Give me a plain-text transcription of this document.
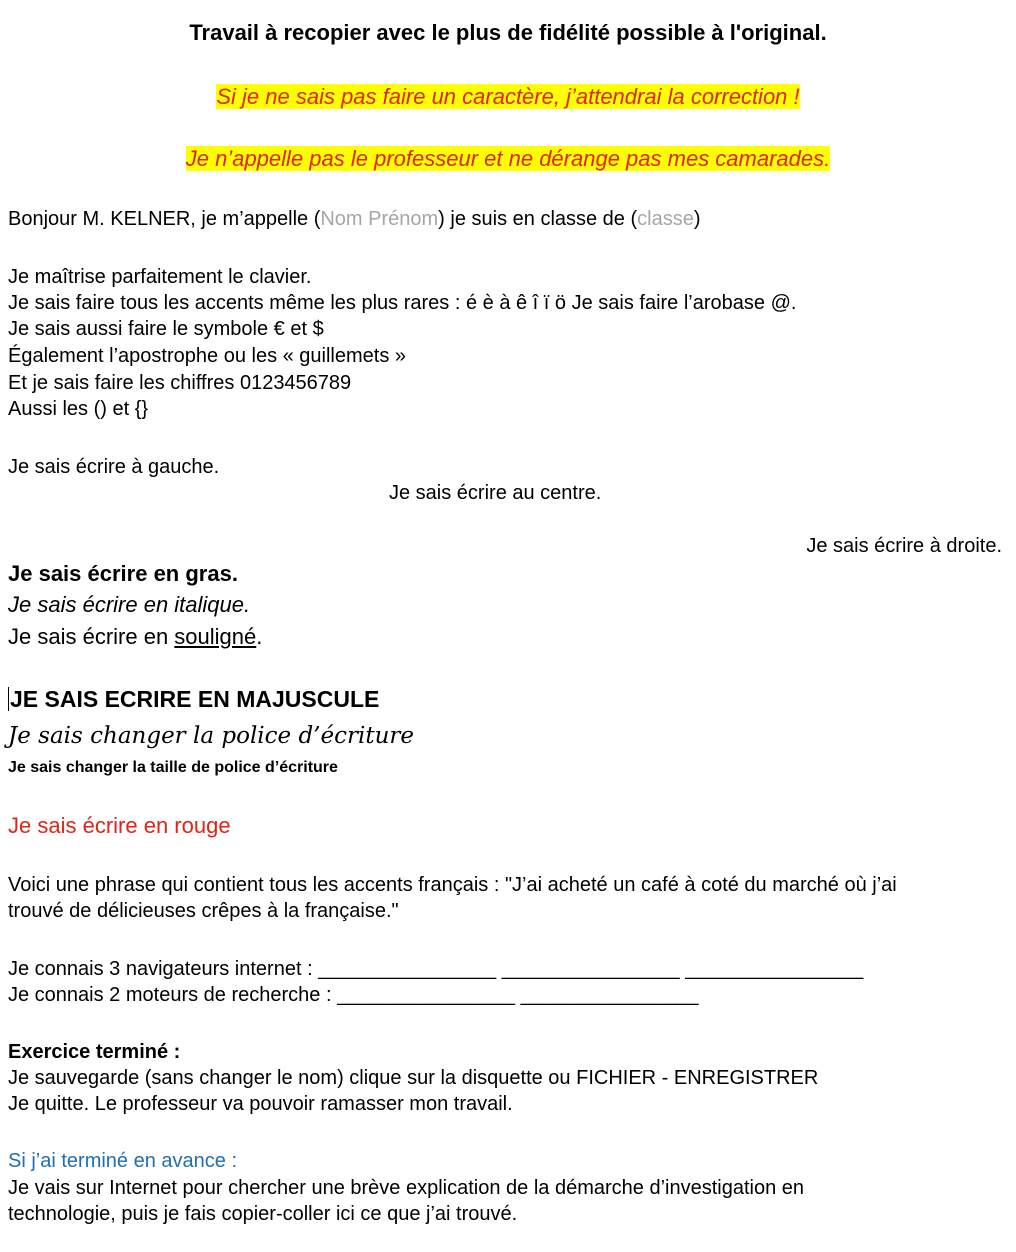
Travail à recopier avec le plus de fidélité possible à l'original.
Si je ne sais pas faire un caractère, j’attendrai la correction !
Je n’appelle pas le professeur et ne dérange pas mes camarades.
Bonjour M. KELNER, je m’appelle (Nom Prénom) je suis en classe de (classe)
Je maîtrise parfaitement le clavier.
Je sais faire tous les accents même les plus rares : é è à ê î ï ö Je sais faire l’arobase @.
Je sais aussi faire le symbole € et $
Également l’apostrophe ou les « guillemets »
Et je sais faire les chiffres 0123456789
Aussi les () et {}
Je sais écrire à gauche.
Je sais écrire au centre.
Je sais écrire à droite.
Je sais écrire en gras.
Je sais écrire en italique.
Je sais écrire en souligné.
JE SAIS ECRIRE EN MAJUSCULE
Je sais changer la police d’écriture
Je sais changer la taille de police d’écriture
Je sais écrire en rouge
Voici une phrase qui contient tous les accents français : "J’ai acheté un café à coté du marché où j’ai
trouvé de délicieuses crêpes à la française."
Je connais 3 navigateurs internet : ________________ ________________ ________________
Je connais 2 moteurs de recherche : ________________ ________________
Exercice terminé :
Je sauvegarde (sans changer le nom) clique sur la disquette ou FICHIER - ENREGISTRER
Je quitte. Le professeur va pouvoir ramasser mon travail.
Si j’ai terminé en avance :
Je vais sur Internet pour chercher une brève explication de la démarche d’investigation en
technologie, puis je fais copier-coller ici ce que j’ai trouvé.
